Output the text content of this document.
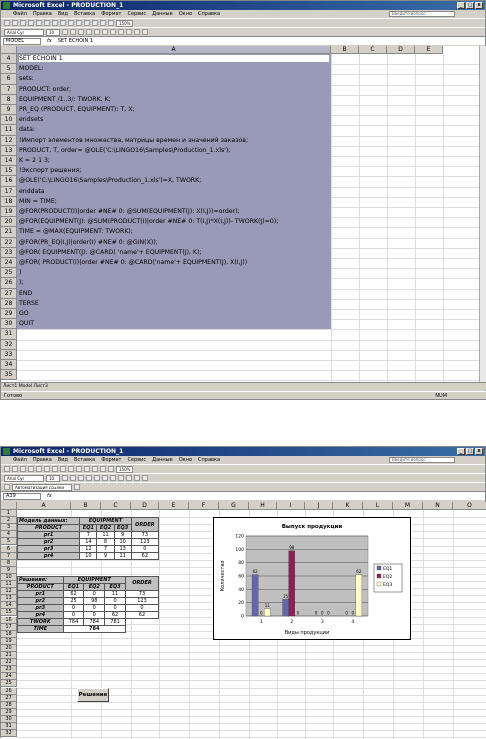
Microsoft Excel - PRODUCTION_1	_	□	x
Файл Правка Вид Вставка Формат Сервис Данные Окно Справка	Введите вопрос
150%
Arial Cyr	10
MODEL	fx	SET ECHOIN 1
A	B	C	D	E
4
5
6
7
8
9
10
11
12
13
14
15
16
17
18
19
20
21
22
23
24
25
26
27
28
29
30
31
32
33
34
35
SET ECHOIN 1
MODEL:
sets:
PRODUCT: order;
EQUIPMENT /1..3/: TWORK, K;
PR_EQ (PRODUCT, EQUIPMENT): T, X;
endsets
data:
!Импорт элементов множества, матрицы времен и значений заказов;
PRODUCT, T, order= @OLE('C:\LINGO16\Samples\Production_1.xls');
K = 2 1 3;
!Экспорт решения;
@OLE('C:\LINGO16\Samples\Production_1.xls')=X, TWORK;
enddata
MIN = TIME;
@FOR(PRODUCT(I)|order #NE# 0: @SUM(EQUIPMENT(J): X(I,J))=order);
@FOR(EQUIPMENT(J): @SUM(PRODUCT(I)|order #NE# 0: T(I,J)*X(I,J))- TWORK(J)=0);
TIME = @MAX(EQUIPMENT: TWORK);
@FOR(PR_EQ(I,J)|order(I) #NE# 0: @GIN(X));
@FOR( EQUIPMENT(J): @CARD( 'name'+ EQUIPMENT(J), K);
@FOR( PRODUCT(I)|order #NE# 0: @CARD('name'+ EQUIPMENT(J), X(I,J))
)
);
END
TERSE
GO
QUIT
Лист1 Model Лист3
Готово	NUM
Microsoft Excel - PRODUCTION_1	_	□	x
Файл Правка Вид Вставка Формат Сервис Данные Окно Справка	Введите вопрос
150%
Arial Cyr	10
Автоматизация ссылки
A39	fx
A	B	C	D	E	F	G	H	I	J	K	L	M	N	O
1
2
3
4
5
6
7
8
9
10
11
12
13
14
15
16
17
18
19
20
21
22
23
24
25
26
27
28
29
30
31
32
Модель данных:	EQUIPMENT			ORDER
PRODUCT	EQ1	EQ2	EQ3	
pr1	7	11	9	73
pr2	14	8	10	123
pr3	12	7	13	0
pr4	10	9	11	62
Решение:	EQUIPMENT			ORDER
PRODUCT	EQ1	EQ2	EQ3	
pr1	62	0	11	73
pr2	25	98	0	123
pr3	0	0	0	0
pr4	0	0	62	62
TWORK	784	784	781	
TIME	784			
Решение
Выпуск продукции
Виды продукции
Количество
0
20
40
60
80
100
120
1
62
0
11
2
25
98
0
3
0 0 0
4
0 0
62	EQ1
EQ2
EQ3
